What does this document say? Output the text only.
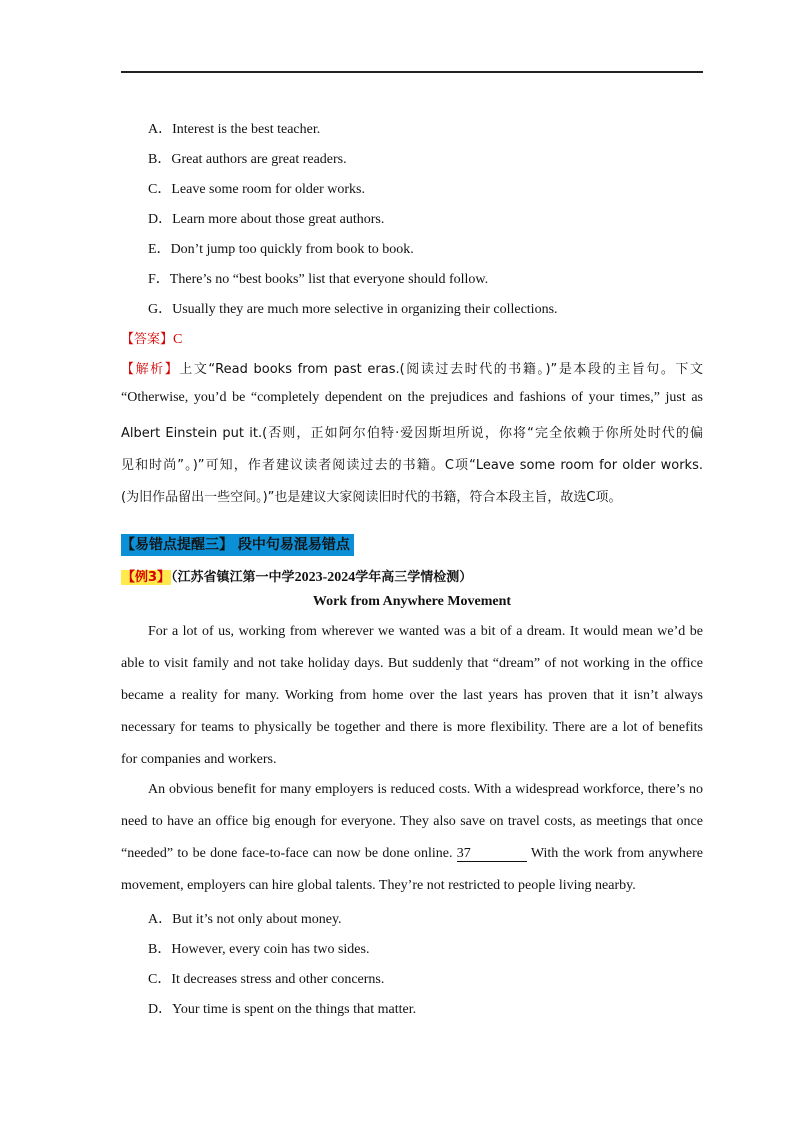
A．Interest is the best teacher.
B．Great authors are great readers.
C．Leave some room for older works.
D．Learn more about those great authors.
E．Don’t jump too quickly from book to book.
F．There’s no “best books” list that everyone should follow.
G．Usually they are much more selective in organizing their collections.
【答案】C
【解析】上文“Read books from past eras.(阅读过去时代的书籍。)”是本段的主旨句。下文
“Otherwise, you’d be “completely dependent on the prejudices and fashions of your times,” just as
Albert Einstein put it.(否则，正如阿尔伯特·爱因斯坦所说，你将“完全依赖于你所处时代的偏
见和时尚”。)”可知，作者建议读者阅读过去的书籍。C项“Leave some room for older works.
(为旧作品留出一些空间。)”也是建议大家阅读旧时代的书籍，符合本段主旨，故选C项。
【易错点提醒三】 段中句易混易错点
【例3】（江苏省镇江第一中学2023-2024学年高三学情检测）
Work from Anywhere Movement
For a lot of us, working from wherever we wanted was a bit of a dream. It would mean we’d be
able to visit family and not take holiday days. But suddenly that “dream” of not working in the office
became a reality for many. Working from home over the last years has proven that it isn’t always
necessary for teams to physically be together and there is more flexibility. There are a lot of benefits
for companies and workers.
An obvious benefit for many employers is reduced costs. With a widespread workforce, there’s no
need to have an office big enough for everyone. They also save on travel costs, as meetings that once
“needed” to be done face-to-face can now be done online. 37	With the work from anywhere
movement, employers can hire global talents. They’re not restricted to people living nearby.
A．But it’s not only about money.
B．However, every coin has two sides.
C．It decreases stress and other concerns.
D．Your time is spent on the things that matter.
